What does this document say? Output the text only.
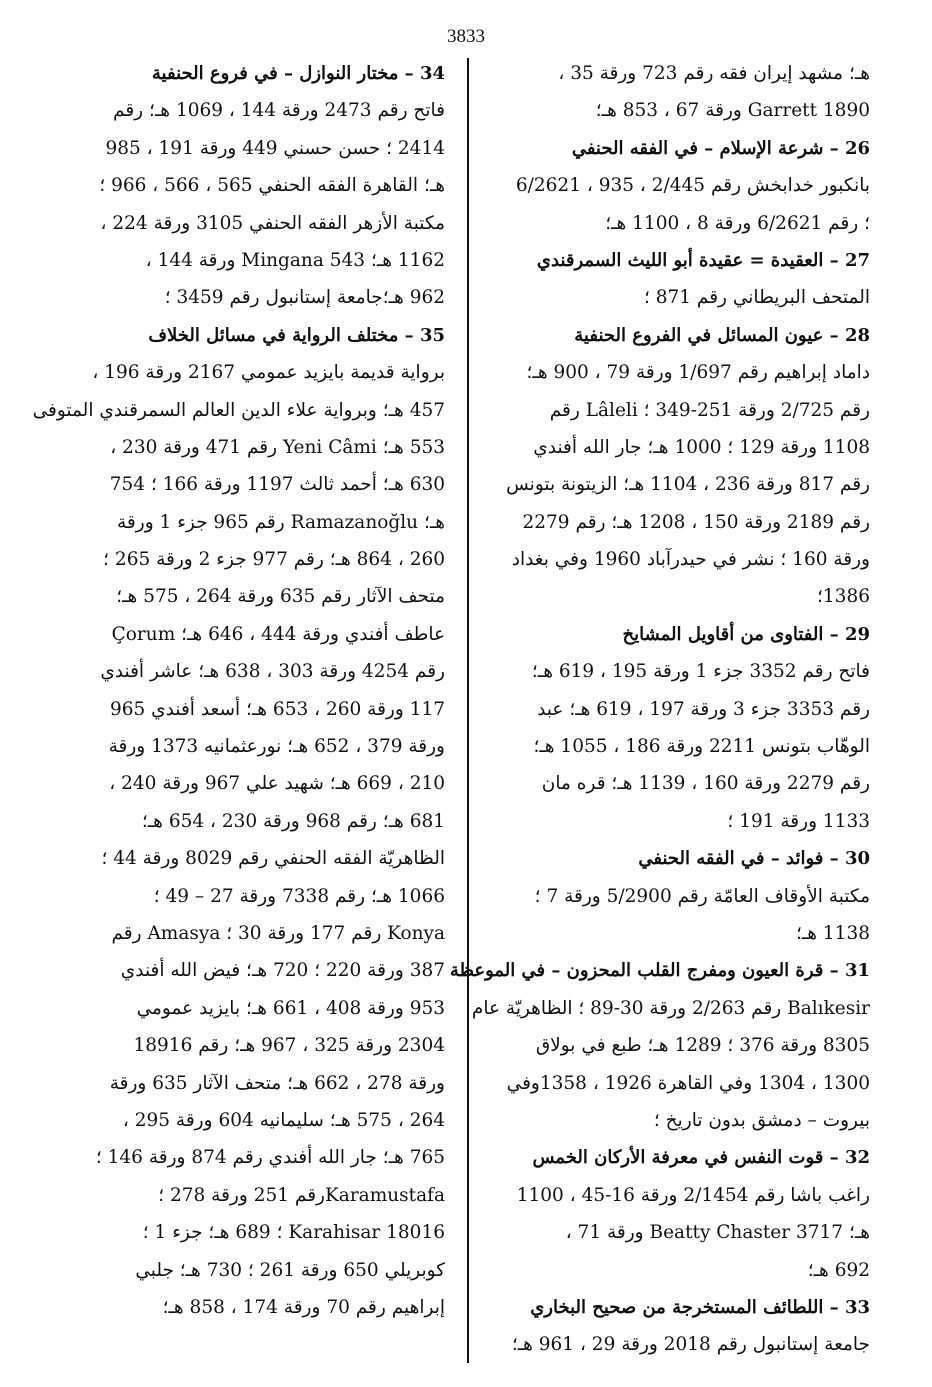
3833
هـ؛ مشهد إيران فقه رقم 723 ورقة 35 ،
Garrett 1890 ورقة 67 ، 853 هـ؛
26 – شرعة الإسلام – في الفقه الحنفي
بانكبور خدابخش رقم 2/445 ، 935 ، 6/2621
؛ رقم 6/2621 ورقة 8 ، 1100 هـ؛
27 – العقيدة = عقيدة أبو الليث السمرقندي
المتحف البريطاني رقم 871 ؛
28 – عيون المسائل في الفروع الحنفية
داماد إبراهيم رقم 1/697 ورقة 79 ، 900 هـ؛
رقم 2/725 ورقة 251-349 ؛ Lâleli رقم
1108 ورقة 129 ؛ 1000 هـ؛ جار الله أفندي
رقم 817 ورقة 236 ، 1104 هـ؛ الزيتونة بتونس
رقم 2189 ورقة 150 ، 1208 هـ؛ رقم 2279
ورقة 160 ؛ نشر في حيدرآباد 1960 وفي بغداد
1386؛
29 – الفتاوى من أقاويل المشايخ
فاتح رقم 3352 جزء 1 ورقة 195 ، 619 هـ؛
رقم 3353 جزء 3 ورقة 197 ، 619 هـ؛ عبد
الوهّاب بتونس 2211 ورقة 186 ، 1055 هـ؛
رقم 2279 ورقة 160 ، 1139 هـ؛ قره مان
1133 ورقة 191 ؛
30 – فوائد – في الفقه الحنفي
مكتبة الأوقاف العامّة رقم 5/2900 ورقة 7 ؛
1138 هـ؛
31 – قرة العيون ومفرج القلب المحزون – في الموعظة
Balıkesir رقم 2/263 ورقة 30-89 ؛ الظاهريّة عام
8305 ورقة 376 ؛ 1289 هـ؛ طبع في بولاق
1300 ، 1304 وفي القاهرة 1926 ، 1358وفي
بيروت – دمشق بدون تاريخ ؛
32 – قوت النفس في معرفة الأركان الخمس
راغب باشا رقم 2/1454 ورقة 16-45 ، 1100
هـ؛ Beatty Chaster 3717 ورقة 71 ،
692 هـ؛
33 – اللطائف المستخرجة من صحيح البخاري
جامعة إستانبول رقم 2018 ورقة 29 ، 961 هـ؛
34 – مختار النوازل – في فروع الحنفية
فاتح رقم 2473 ورقة 144 ، 1069 هـ؛ رقم
2414 ؛ حسن حسني 449 ورقة 191 ، 985
هـ؛ القاهرة الفقه الحنفي 565 ، 566 ، 966 ؛
مكتبة الأزهر الفقه الحنفي 3105 ورقة 224 ،
1162 هـ؛ Mingana 543 ورقة 144 ،
962 هـ؛جامعة إستانبول رقم 3459 ؛
35 – مختلف الرواية في مسائل الخلاف
برواية قديمة بايزيد عمومي 2167 ورقة 196 ،
457 هـ؛ وبرواية علاء الدين العالم السمرقندي المتوفى
553 هـ؛ Yeni Câmi رقم 471 ورقة 230 ،
630 هـ؛ أحمد ثالث 1197 ورقة 166 ؛ 754
هـ؛ Ramazanoğlu رقم 965 جزء 1 ورقة
260 ، 864 هـ؛ رقم 977 جزء 2 ورقة 265 ؛
متحف الآثار رقم 635 ورقة 264 ، 575 هـ؛
عاطف أفندي ورقة 444 ، 646 هـ؛ Çorum
رقم 4254 ورقة 303 ، 638 هـ؛ عاشر أفندي
117 ورقة 260 ، 653 هـ؛ أسعد أفندي 965
ورقة 379 ، 652 هـ؛ نورعثمانيه 1373 ورقة
210 ، 669 هـ؛ شهيد علي 967 ورقة 240 ،
681 هـ؛ رقم 968 ورقة 230 ، 654 هـ؛
الظاهريّة الفقه الحنفي رقم 8029 ورقة 44 ؛
1066 هـ؛ رقم 7338 ورقة 27 – 49 ؛
Konya رقم 177 ورقة 30 ؛ Amasya رقم
387 ورقة 220 ؛ 720 هـ؛ فيض الله أفندي
953 ورقة 408 ، 661 هـ؛ بايزيد عمومي
2304 ورقة 325 ، 967 هـ؛ رقم 18916
ورقة 278 ، 662 هـ؛ متحف الآثار 635 ورقة
264 ، 575 هـ؛ سليمانيه 604 ورقة 295 ،
765 هـ؛ جار الله أفندي رقم 874 ورقة 146 ؛
Karamustafaرقم 251 ورقة 278 ؛
Karahisar 18016 ؛ 689 هـ؛ جزء 1 ؛
كوبريلي 650 ورقة 261 ؛ 730 هـ؛ جلبي
إبراهيم رقم 70 ورقة 174 ، 858 هـ؛
